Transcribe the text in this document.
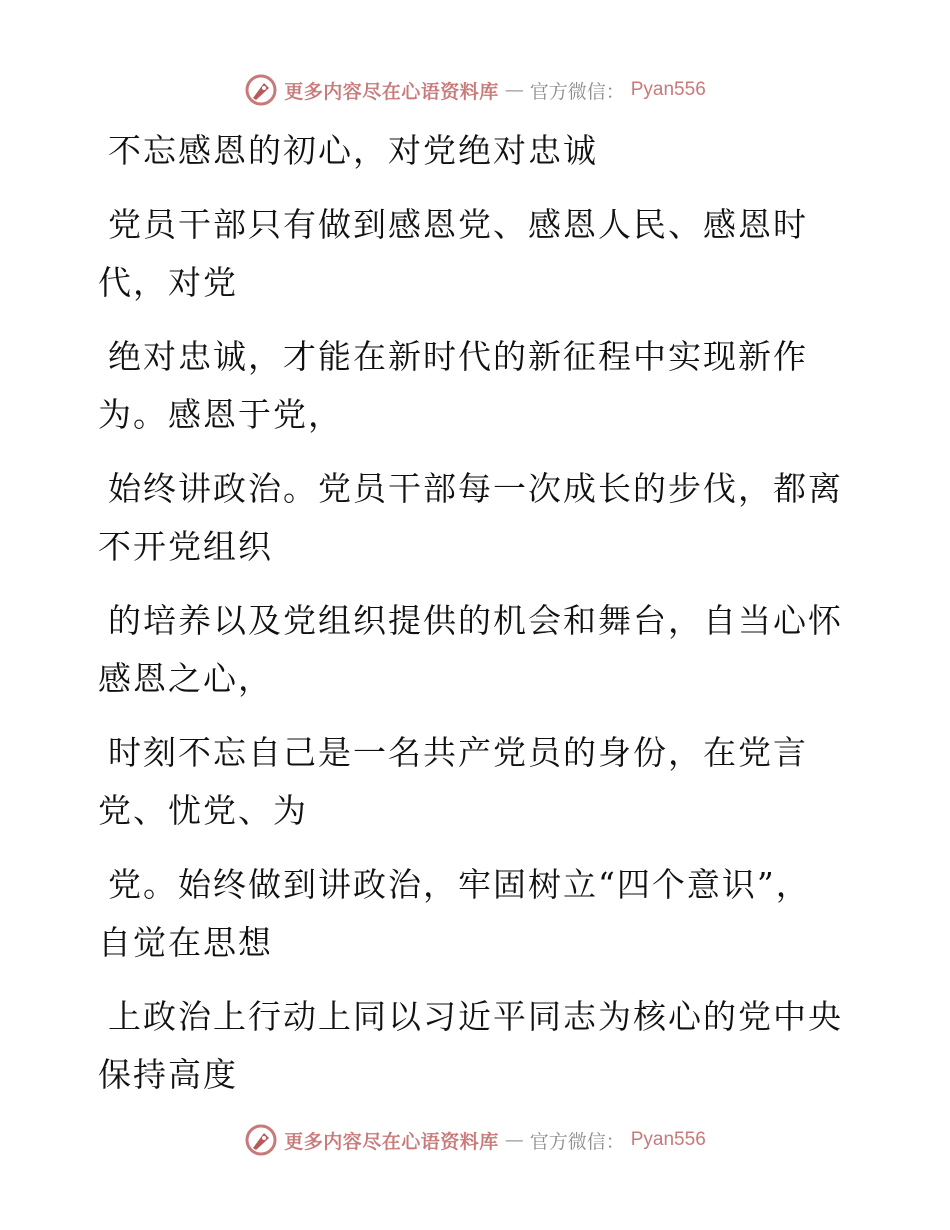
更多内容尽在心语资料库 — 官方微信： Pyan556

不忘感恩的初心，对党绝对忠诚

党员干部只有做到感恩党、感恩人民、感恩时
代，对党

绝对忠诚，才能在新时代的新征程中实现新作
为。感恩于党，

始终讲政治。党员干部每一次成长的步伐，都离
不开党组织

的培养以及党组织提供的机会和舞台，自当心怀
感恩之心，

时刻不忘自己是一名共产党员的身份，在党言
党、忧党、为

党。始终做到讲政治，牢固树立“四个意识”，
自觉在思想

上政治上行动上同以习近平同志为核心的党中央
保持高度

更多内容尽在心语资料库 — 官方微信： Pyan556
